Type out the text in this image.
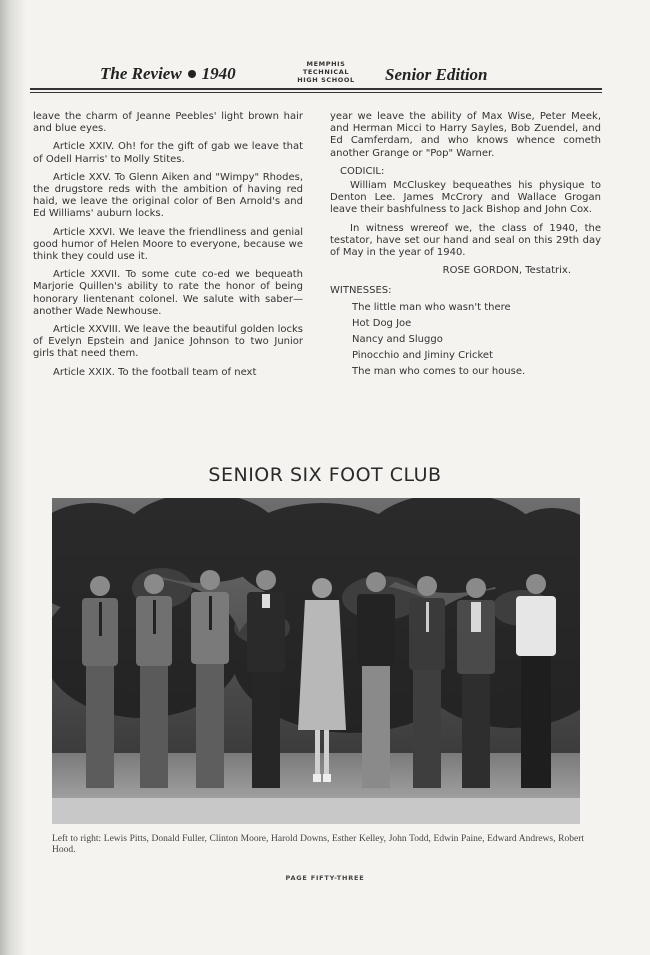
The Review 1940	MEMPHIS
TECHNICAL
HIGH SCHOOL	Senior Edition

leave the charm of Jeanne Peebles' light brown hair and blue eyes.

Article XXIV. Oh! for the gift of gab we leave that of Odell Harris' to Molly Stites.

Article XXV. To Glenn Aiken and "Wimpy" Rhodes, the drugstore reds with the ambition of having red haid, we leave the original color of Ben Arnold's and Ed Williams' auburn locks.

Article XXVI. We leave the friendliness and genial good humor of Helen Moore to everyone, because we think they could use it.

Article XXVII. To some cute co-ed we bequeath Marjorie Quillen's ability to rate the honor of being honorary lientenant colonel. We salute with saber—another Wade Newhouse.

Article XXVIII. We leave the beautiful golden locks of Evelyn Epstein and Janice Johnson to two Junior girls that need them.

Article XXIX. To the football team of next

year we leave the ability of Max Wise, Peter Meek, and Herman Micci to Harry Sayles, Bob Zuendel, and Ed Camferdam, and who knows whence cometh another Grange or "Pop" Warner.

CODICIL:

William McCluskey bequeathes his physique to Denton Lee. James McCrory and Wallace Grogan leave their bashfulness to Jack Bishop and John Cox.

In witness wrereof we, the class of 1940, the testator, have set our hand and seal on this 29th day of May in the year of 1940.

ROSE GORDON, Testatrix.

WITNESSES:

The little man who wasn't there
Hot Dog Joe
Nancy and Sluggo
Pinocchio and Jiminy Cricket
The man who comes to our house.
SENIOR SIX FOOT CLUB
Left to right: Lewis Pitts, Donald Fuller, Clinton Moore, Harold Downs, Esther Kelley, John Todd, Edwin Paine, Edward Andrews, Robert Hood.
PAGE FIFTY-THREE
